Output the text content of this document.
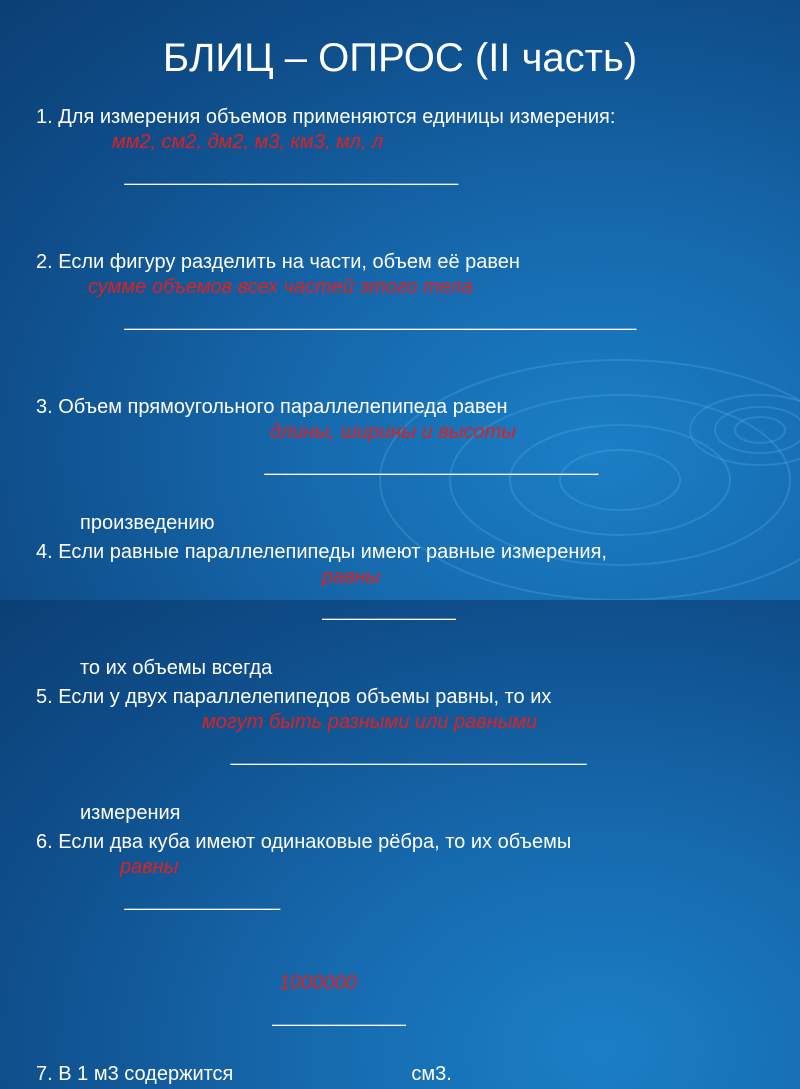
БЛИЦ – ОПРОС (II часть)
1. Для измерения объемов применяются единицы измерения:

______________________________

мм2, см2, дм2, м3, км3, мл, л

2. Если фигуру разделить на части, объем её равен

______________________________________________

сумме объемов всех частей этого тела

3. Объем прямоугольного параллелепипеда равен
произведению
______________________________

длины, ширины и высоты

4. Если равные параллелепипеды имеют равные измерения,
то их объемы всегда
____________

равны

5. Если у двух параллелепипедов объемы равны, то их
измерения
________________________________

могут быть разными или равными

6. Если два куба имеют одинаковые рёбра, то их объемы

______________

равны

7. В 1 м3 содержится
____________

1000000

см3.
